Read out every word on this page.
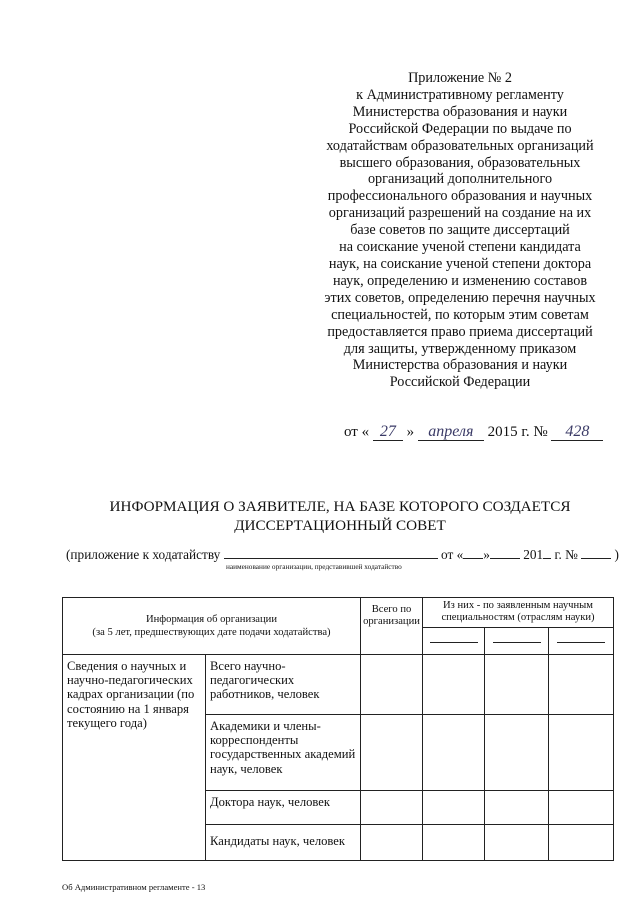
Приложение № 2
к Административному регламенту
Министерства образования и науки
Российской Федерации по выдаче по
ходатайствам образовательных организаций
высшего образования, образовательных
организаций дополнительного
профессионального образования и научных
организаций разрешений на создание на их
базе советов по защите диссертаций
на соискание ученой степени кандидата
наук, на соискание ученой степени доктора
наук, определению и изменению составов
этих советов, определению перечня научных
специальностей, по которым этим советам
предоставляется право приема диссертаций
для защиты, утвержденному приказом
Министерства образования и науки
Российской Федерации
от « 27 » апреля 2015 г. № 428
ИНФОРМАЦИЯ О ЗАЯВИТЕЛЕ, НА БАЗЕ КОТОРОГО СОЗДАЕТСЯ
ДИССЕРТАЦИОННЫЙ СОВЕТ
(приложение к ходатайству	от « »	201 г. №	)
наименование организации, представившей ходатайство
Информация об организации
(за 5 лет, предшествующих дате подачи ходатайства)		Всего по организации	Из них - по заявленным научным специальностям (отраслям науки)		

Сведения о научных и научно-педагогических кадрах организации (по состоянию на 1 января текущего года)	Всего научно-педагогических работников, человек				
	Академики и члены-корреспонденты государственных академий наук, человек				
	Доктора наук, человек				
	Кандидаты наук, человек				
Об Административном регламенте - 13
